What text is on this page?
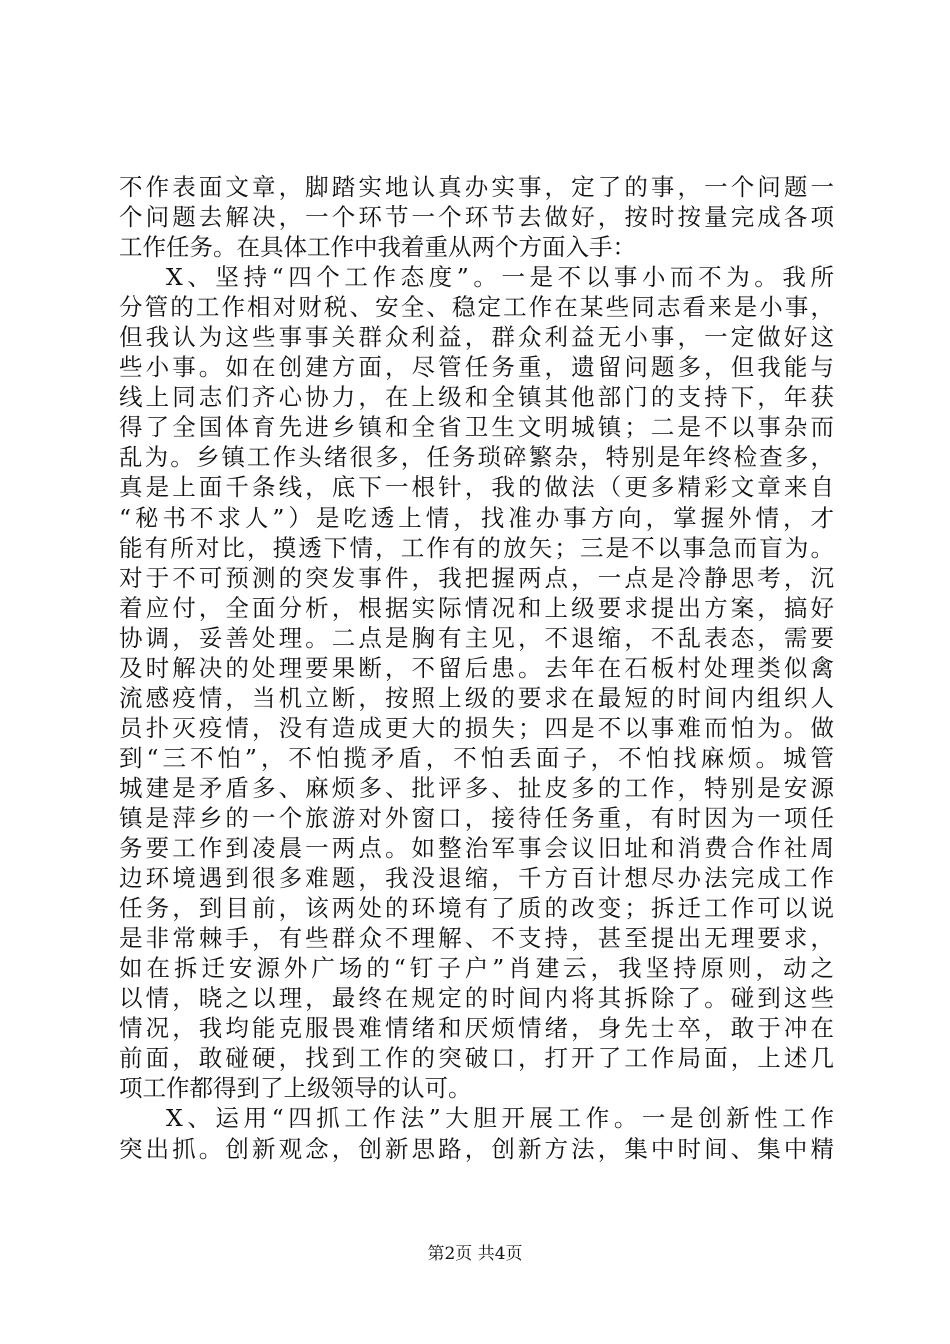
不作表面文章，脚踏实地认真办实事，定了的事，一个问题一
个问题去解决，一个环节一个环节去做好，按时按量完成各项
工作任务。在具体工作中我着重从两个方面入手：
X、坚持“四个工作态度”。一是不以事小而不为。我所
分管的工作相对财税、安全、稳定工作在某些同志看来是小事，
但我认为这些事事关群众利益，群众利益无小事，一定做好这
些小事。如在创建方面，尽管任务重，遗留问题多，但我能与
线上同志们齐心协力，在上级和全镇其他部门的支持下，年获
得了全国体育先进乡镇和全省卫生文明城镇；二是不以事杂而
乱为。乡镇工作头绪很多，任务琐碎繁杂，特别是年终检查多，
真是上面千条线，底下一根针，我的做法（更多精彩文章来自
“秘书不求人”）是吃透上情，找准办事方向，掌握外情，才
能有所对比，摸透下情，工作有的放矢；三是不以事急而盲为。
对于不可预测的突发事件，我把握两点，一点是冷静思考，沉
着应付，全面分析，根据实际情况和上级要求提出方案，搞好
协调，妥善处理。二点是胸有主见，不退缩，不乱表态，需要
及时解决的处理要果断，不留后患。去年在石板村处理类似禽
流感疫情，当机立断，按照上级的要求在最短的时间内组织人
员扑灭疫情，没有造成更大的损失；四是不以事难而怕为。做
到“三不怕”，不怕揽矛盾，不怕丢面子，不怕找麻烦。城管
城建是矛盾多、麻烦多、批评多、扯皮多的工作，特别是安源
镇是萍乡的一个旅游对外窗口，接待任务重，有时因为一项任
务要工作到凌晨一两点。如整治军事会议旧址和消费合作社周
边环境遇到很多难题，我没退缩，千方百计想尽办法完成工作
任务，到目前，该两处的环境有了质的改变；拆迁工作可以说
是非常棘手，有些群众不理解、不支持，甚至提出无理要求，
如在拆迁安源外广场的“钉子户”肖建云，我坚持原则，动之
以情，晓之以理，最终在规定的时间内将其拆除了。碰到这些
情况，我均能克服畏难情绪和厌烦情绪，身先士卒，敢于冲在
前面，敢碰硬，找到工作的突破口，打开了工作局面，上述几
项工作都得到了上级领导的认可。
X、运用“四抓工作法”大胆开展工作。一是创新性工作
突出抓。创新观念，创新思路，创新方法，集中时间、集中精
第2页 共4页
